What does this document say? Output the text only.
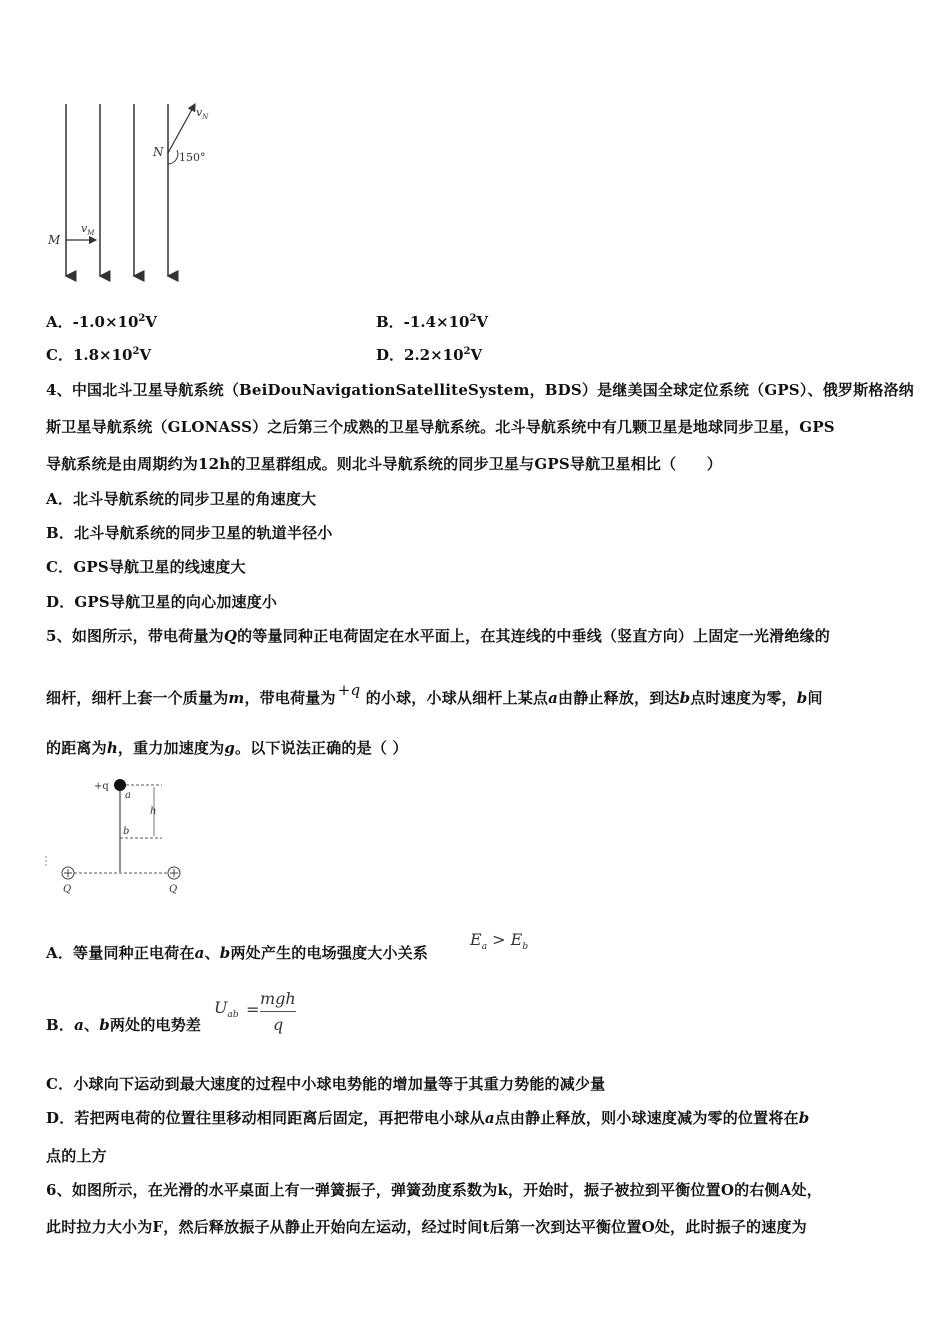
$v_N$
N 150°
M
$v_M$
A．$-1.0\times 10^2V$	B．$-1.4\times 10^2V$
C．$1.8\times 10^2V$	D．$2.2\times 10^2V$
4、中国北斗卫星导航系统（BeiDouNavigationSatelliteSystem，BDS）是继美国全球定位系统（GPS）、俄罗斯格洛纳
斯卫星导航系统（GLONASS）之后第三个成熟的卫星导航系统。北斗导航系统中有几颗卫星是地球同步卫星，GPS
导航系统是由周期约为12h的卫星群组成。则北斗导航系统的同步卫星与GPS导航卫星相比（　　）
A．北斗导航系统的同步卫星的角速度大
B．北斗导航系统的同步卫星的轨道半径小
C．GPS导航卫星的线速度大
D．GPS导航卫星的向心加速度小
5、如图所示，带电荷量为Q的等量同种正电荷固定在水平面上，在其连线的中垂线（竖直方向）上固定一光滑绝缘的
细杆，细杆上套一个质量为m，带电荷量为 +q 的小球，小球从细杆上某点a由静止释放，到达b点时速度为零，b间
的距离为h，重力加速度为g。以下说法正确的是（ ）
+q
a
b
h
Q	Q
A．等量同种正电荷在a、b两处产生的电场强度大小关系
$E_a > E_b$
B．a、b两处的电势差
$U_{ab}$ =
mgh
q
C．小球向下运动到最大速度的过程中小球电势能的增加量等于其重力势能的减少量
D．若把两电荷的位置往里移动相同距离后固定，再把带电小球从a点由静止释放，则小球速度减为零的位置将在b
点的上方
6、如图所示，在光滑的水平桌面上有一弹簧振子，弹簧劲度系数为k，开始时，振子被拉到平衡位置O的右侧A处，
此时拉力大小为F，然后释放振子从静止开始向左运动，经过时间t后第一次到达平衡位置O处，此时振子的速度为
